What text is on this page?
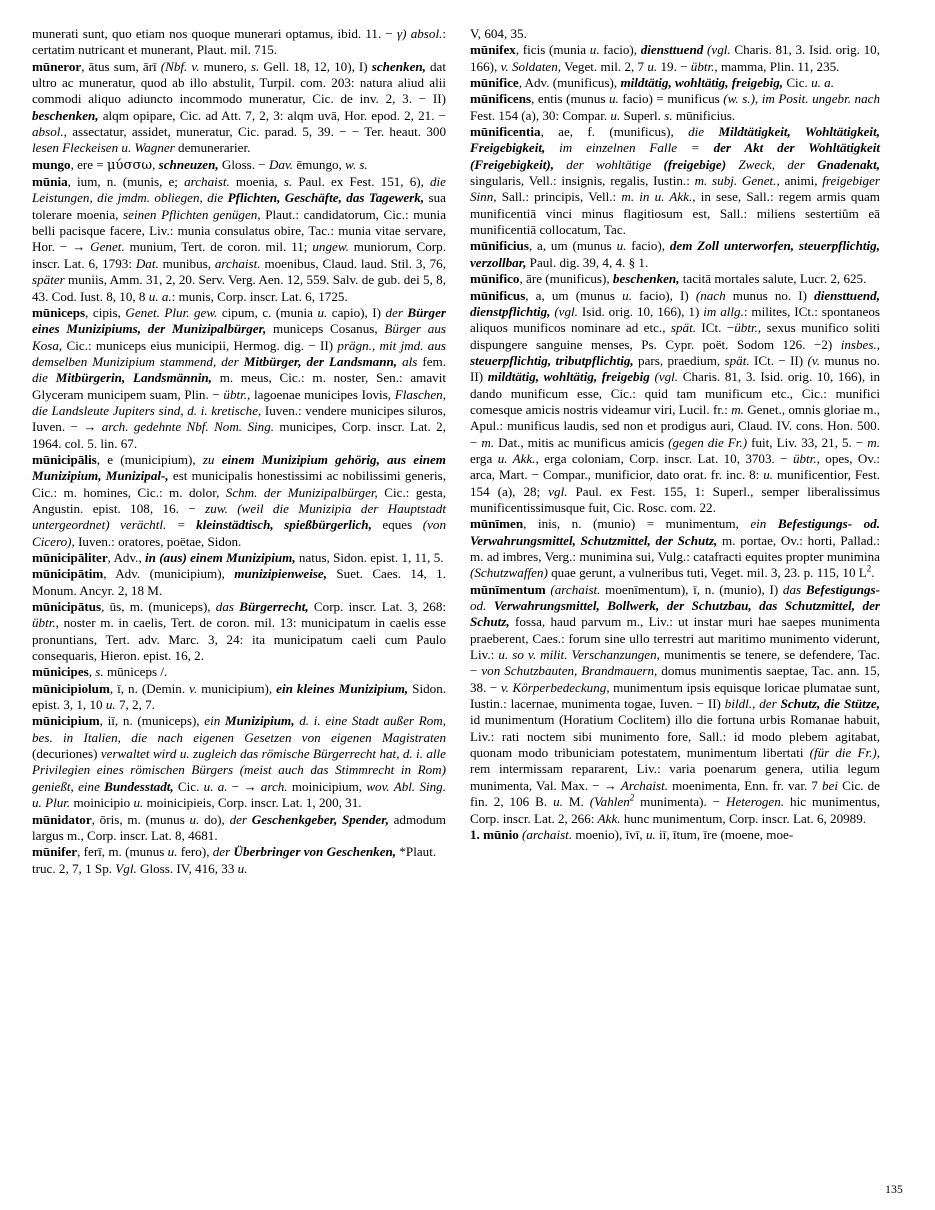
munerati sunt, quo etiam nos quoque munerari optamus, ibid. 11. − γ) absol.: certatim nutricant et munerant, Plaut. mil. 715.

mūneror, ātus sum, ārī (Nbf. v. munero, s. Gell. 18, 12, 10), I) schenken, dat ultro ac muneratur, quod ab illo abstulit, Turpil. com. 203: natura aliud alii commodi aliquo adiuncto incommodo muneratur, Cic. de inv. 2, 3. − II) beschenken, alqm opipare, Cic. ad Att. 7, 2, 3: alqm uvā, Hor. epod. 2, 21. − absol., assectatur, assidet, muneratur, Cic. parad. 5, 39. − − Ter. heaut. 300 lesen Fleckeisen u. Wagner demunerarier.

mungo, ere = μύσσω, schneuzen, Gloss. − Dav. ēmungo, w. s.

mūnia, ium, n. (munis, e; archaist. moenia, s. Paul. ex Fest. 151, 6), die Leistungen, die jmdm. obliegen, die Pflichten, Geschäfte, das Tagewerk, sua tolerare moenia, seinen Pflichten genügen, Plaut.: candidatorum, Cic.: munia belli pacisque facere, Liv.: munia consulatus obire, Tac.: munia vitae servare, Hor. − → Genet. munium, Tert. de coron. mil. 11; ungew. muniorum, Corp. inscr. Lat. 6, 1793: Dat. munibus, archaist. moenibus, Claud. laud. Stil. 3, 76, später muniis, Amm. 31, 2, 20. Serv. Verg. Aen. 12, 559. Salv. de gub. dei 5, 8, 43. Cod. Iust. 8, 10, 8 u. a.: munis, Corp. inscr. Lat. 6, 1725.

mūniceps, cipis, Genet. Plur. gew. cipum, c. (munia u. capio), I) der Bürger eines Munizipiums, der Munizipalbürger, municeps Cosanus, Bürger aus Kosa, Cic.: municeps eius municipii, Hermog. dig. − II) prägn., mit jmd. aus demselben Munizipium stammend, der Mitbürger, der Landsmann, als fem. die Mitbürgerin, Landsmännin, m. meus, Cic.: m. noster, Sen.: amavit Glyceram municipem suam, Plin. − übtr., lagoenae municipes Iovis, Flaschen, die Landsleute Jupiters sind, d. i. kretische, Iuven.: vendere municipes siluros, Iuven. − → arch. gedehnte Nbf. Nom. Sing. municipes, Corp. inscr. Lat. 2, 1964. col. 5. lin. 67.

mūnicipālis, e (municipium), zu einem Munizipium gehörig, aus einem Munizipium, Munizipal-, est municipalis honestissimi ac nobilissimi generis, Cic.: m. homines, Cic.: m. dolor, Schm. der Munizipalbürger, Cic.: gesta, Angustin. epist. 108, 16. − zuw. (weil die Munizipia der Hauptstadt untergeordnet) verächtl. = kleinstädtisch, spießbürgerlich, eques (von Cicero), Iuven.: oratores, poëtae, Sidon.

mūnicipāliter, Adv., in (aus) einem Munizipium, natus, Sidon. epist. 1, 11, 5.

mūnicipātim, Adv. (municipium), munizipienweise, Suet. Caes. 14, 1. Monum. Ancyr. 2, 18 M.

mūnicipātus, ūs, m. (municeps), das Bürgerrecht, Corp. inscr. Lat. 3, 268: übtr., noster m. in caelis, Tert. de coron. mil. 13: municipatum in caelis esse pronuntians, Tert. adv. Marc. 3, 24: ita municipatum caeli cum Paulo consequaris, Hieron. epist. 16, 2.

mūnicipes, s. mūniceps /.

mūnicipiolum, ī, n. (Demin. v. municipium), ein kleines Munizipium, Sidon. epist. 3, 1, 10 u. 7, 2, 7.

mūnicipium, iī, n. (municeps), ein Munizipium, d. i. eine Stadt außer Rom, bes. in Italien, die nach eigenen Gesetzen von eigenen Magistraten (decuriones) verwaltet wird u. zugleich das römische Bürgerrecht hat, d. i. alle Privilegien eines römischen Bürgers (meist auch das Stimmrecht in Rom) genießt, eine Bundesstadt, Cic. u. a. − → arch. moinicipium, wov. Abl. Sing. u. Plur. moinicipio u. moinicipieis, Corp. inscr. Lat. 1, 200, 31.

mūnidator, ōris, m. (munus u. do), der Geschenkgeber, Spender, admodum largus m., Corp. inscr. Lat. 8, 4681.

mūnifer, ferī, m. (munus u. fero), der Überbringer von Geschenken, *Plaut. truc. 2, 7, 1 Sp. Vgl. Gloss. IV, 416, 33 u.

V, 604, 35.

mūnifex, ficis (munia u. facio), diensttuend (vgl. Charis. 81, 3. Isid. orig. 10, 166), v. Soldaten, Veget. mil. 2, 7 u. 19. − übtr., mamma, Plin. 11, 235.

mūnifice, Adv. (munificus), mildtätig, wohltätig, freigebig, Cic. u. a.

mūnificens, entis (munus u. facio) = munificus (w. s.), im Posit. ungebr. nach Fest. 154 (a), 30: Compar. u. Superl. s. mūnificius.

mūnificentia, ae, f. (munificus), die Mildtätigkeit, Wohltätigkeit, Freigebigkeit, im einzelnen Falle = der Akt der Wohltätigkeit (Freigebigkeit), der wohltätige (freigebige) Zweck, der Gnadenakt, singularis, Vell.: insignis, regalis, Iustin.: m. subj. Genet., animi, freigebiger Sinn, Sall.: principis, Vell.: m. in u. Akk., in sese, Sall.: regem armis quam munificentiā vinci minus flagitiosum est, Sall.: miliens sestertiûm eā munificentiā collocatum, Tac.

mūnificius, a, um (munus u. facio), dem Zoll unterworfen, steuerpflichtig, verzollbar, Paul. dig. 39, 4, 4. § 1.

mūnifico, āre (munificus), beschenken, tacitā mortales salute, Lucr. 2, 625.

mūnificus, a, um (munus u. facio), I) (nach munus no. I) diensttuend, dienstpflichtig, (vgl. Isid. orig. 10, 166), 1) im allg.: milites, ICt.: spontaneos aliquos munificos nominare ad etc., spät. ICt. −übtr., sexus munifico soliti dispungere sanguine menses, Ps. Cypr. poët. Sodom 126. −2) insbes., steuerpflichtig, tributpflichtig, pars, praedium, spät. ICt. − II) (v. munus no. II) mildtätig, wohltätig, freigebig (vgl. Charis. 81, 3. Isid. orig. 10, 166), in dando munificum esse, Cic.: quid tam munificum etc., Cic.: munifici comesque amicis nostris videamur viri, Lucil. fr.: m. Genet., omnis gloriae m., Apul.: munificus laudis, sed non et prodigus auri, Claud. IV. cons. Hon. 500. − m. Dat., mitis ac munificus amicis (gegen die Fr.) fuit, Liv. 33, 21, 5. − m. erga u. Akk., erga coloniam, Corp. inscr. Lat. 10, 3703. − übtr., opes, Ov.: arca, Mart. − Compar., munificior, dato orat. fr. inc. 8: u. munificentior, Fest. 154 (a), 28; vgl. Paul. ex Fest. 155, 1: Superl., semper liberalissimus munificentissimusque fuit, Cic. Rosc. com. 22.

mūnīmen, inis, n. (munio) = munimentum, ein Befestigungs- od. Verwahrungsmittel, Schutzmittel, der Schutz, m. portae, Ov.: horti, Pallad.: m. ad imbres, Verg.: munimina sui, Vulg.: catafracti equites propter munimina (Schutzwaffen) quae gerunt, a vulneribus tuti, Veget. mil. 3, 23. p. 115, 10 $L^2$.

mūnīmentum (archaist. moenīmentum), ī, n. (munio), I) das Befestigungs- od. Verwahrungsmittel, Bollwerk, der Schutzbau, das Schutzmittel, der Schutz, fossa, haud parvum m., Liv.: ut instar muri hae saepes munimenta praeberent, Caes.: forum sine ullo terrestri aut maritimo munimento viderunt, Liv.: u. so v. milit. Verschanzungen, munimentis se tenere, se defendere, Tac. − von Schutzbauten, Brandmauern, domus munimentis saeptae, Tac. ann. 15, 38. − v. Körperbedeckung, munimentum ipsis equisque loricae plumatae sunt, Iustin.: lacernae, munimenta togae, Iuven. − II) bildl., der Schutz, die Stütze, id munimentum (Horatium Coclitem) illo die fortuna urbis Romanae habuit, Liv.: rati noctem sibi munimento fore, Sall.: id modo plebem agitabat, quonam modo tribuniciam potestatem, munimentum libertati (für die Fr.), rem intermissam repararent, Liv.: varia poenarum genera, utilia legum munimenta, Val. Max. − → Archaist. moenimenta, Enn. fr. var. 7 bei Cic. de fin. 2, 106 B. u. M. (Vahlen$^2$ munimenta). − Heterogen. hic munimentus, Corp. inscr. Lat. 2, 266: Akk. hunc munimentum, Corp. inscr. Lat. 6, 20989.

1. mūnio (archaist. moenio), īvī, u. iī, ītum, īre (moene, moe-

135
